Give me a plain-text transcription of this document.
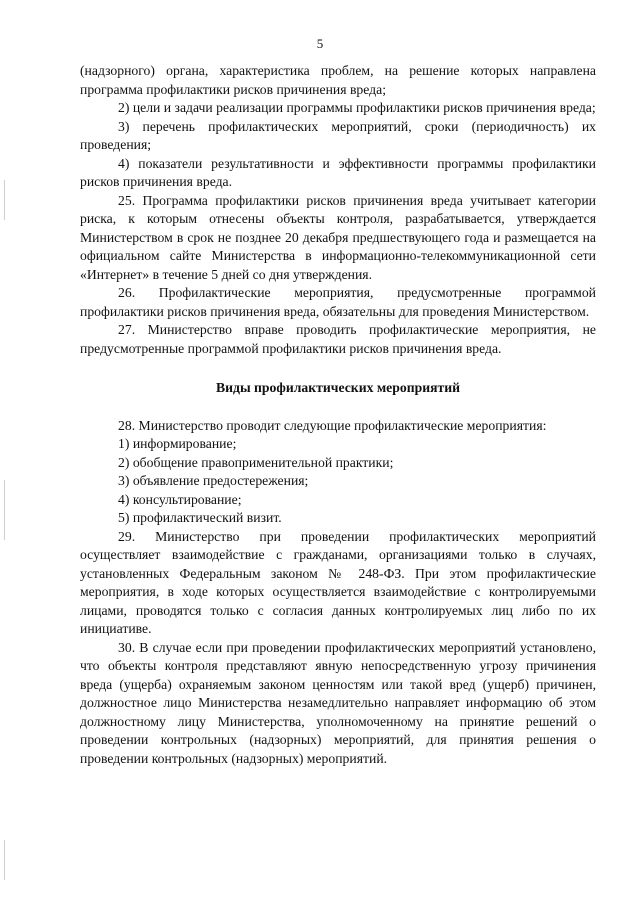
5

(надзорного) органа, характеристика проблем, на решение которых направлена программа профилактики рисков причинения вреда;

2) цели и задачи реализации программы профилактики рисков причинения вреда;

3) перечень профилактических мероприятий, сроки (периодичность) их проведения;

4) показатели результативности и эффективности программы профилактики рисков причинения вреда.

25. Программа профилактики рисков причинения вреда учитывает категории риска, к которым отнесены объекты контроля, разрабатывается, утверждается Министерством в срок не позднее 20 декабря предшествующего года и размещается на официальном сайте Министерства в информационно-телекоммуникационной сети «Интернет» в течение 5 дней со дня утверждения.

26. Профилактические мероприятия, предусмотренные программой профилактики рисков причинения вреда, обязательны для проведения Министерством.

27. Министерство вправе проводить профилактические мероприятия, не предусмотренные программой профилактики рисков причинения вреда.

Виды профилактических мероприятий

28. Министерство проводит следующие профилактические мероприятия:

1) информирование;

2) обобщение правоприменительной практики;

3) объявление предостережения;

4) консультирование;

5) профилактический визит.

29. Министерство при проведении профилактических мероприятий осуществляет взаимодействие с гражданами, организациями только в случаях, установленных Федеральным законом № 248-ФЗ. При этом профилактические мероприятия, в ходе которых осуществляется взаимодействие с контролируемыми лицами, проводятся только с согласия данных контролируемых лиц либо по их инициативе.

30. В случае если при проведении профилактических мероприятий установлено, что объекты контроля представляют явную непосредственную угрозу причинения вреда (ущерба) охраняемым законом ценностям или такой вред (ущерб) причинен, должностное лицо Министерства незамедлительно направляет информацию об этом должностному лицу Министерства, уполномоченному на принятие решений о проведении контрольных (надзорных) мероприятий, для принятия решения о проведении контрольных (надзорных) мероприятий.
